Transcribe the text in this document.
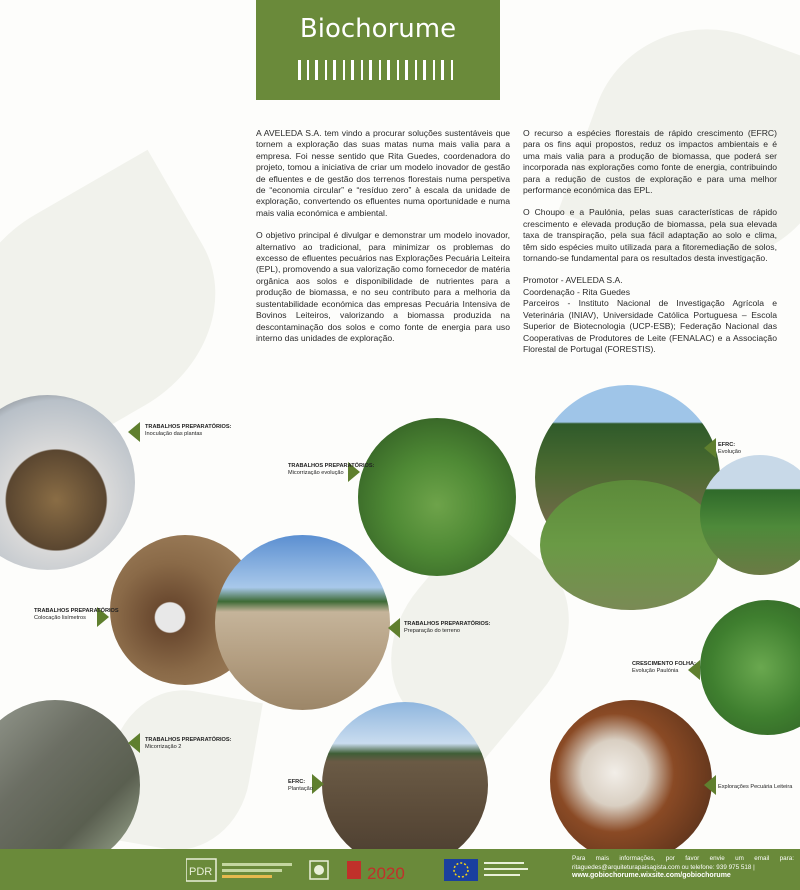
Biochorume

A AVELEDA S.A. tem vindo a procurar soluções sustentáveis que tornem a exploração das suas matas numa mais valia para a empresa. Foi nesse sentido que Rita Guedes, coordenadora do projeto, tomou a iniciativa de criar um modelo inovador de gestão de efluentes e de gestão dos terrenos florestais numa perspetiva de “economia circular” e “resíduo zero” à escala da unidade de exploração, convertendo os efluentes numa oportunidade e numa mais valia económica e ambiental.

O objetivo principal é divulgar e demonstrar um modelo inovador, alternativo ao tradicional, para minimizar os problemas do excesso de efluentes pecuários nas Explorações Pecuária Leiteira (EPL), promovendo a sua valorização como fornecedor de matéria orgânica aos solos e disponibilidade de nutrientes para a produção de biomassa, e no seu contributo para a melhoria da sustentabilidade económica das empresas Pecuária Intensiva de Bovinos Leiteiros, valorizando a biomassa produzida na descontaminação dos solos e como fonte de energia para uso interno das unidades de exploração.

O recurso a espécies florestais de rápido crescimento (EFRC) para os fins aqui propostos, reduz os impactos ambientais e é uma mais valia para a produção de biomassa, que poderá ser incorporada nas explorações como fonte de energia, contribuindo para a redução de custos de exploração e para uma melhor performance económica das EPL.

O Choupo e a Paulónia, pelas suas características de rápido crescimento e elevada produção de biomassa, pela sua elevada taxa de transpiração, pela sua fácil adaptação ao solo e clima, têm sido espécies muito utilizada para a fitoremediação de solos, tornando-se fundamental para os resultados desta investigação.

Promotor - AVELEDA S.A.
Coordenação - Rita Guedes
Parceiros - Instituto Nacional de Investigação Agrícola e Veterinária (INIAV), Universidade Católica Portuguesa – Escola Superior de Biotecnologia (UCP-ESB); Federação Nacional das Cooperativas de Produtores de Leite (FENALAC) e a Associação Florestal de Portugal (FORESTIS).
TRABALHOS PREPARATÓRIOS:
Inoculação das plantas
TRABALHOS PREPARATÓRIOS:
Micorrização evolução
EFRC:
Evolução
TRABALHOS PREPARATÓRIOS
Colocação lisímetros
TRABALHOS PREPARATÓRIOS:
Preparação do terreno
CRESCIMENTO FOLHA:
Evolução Paulónia
TRABALHOS PREPARATÓRIOS:
Micorrização 2
EFRC:
Plantação	Explorações Pecuária Leiteira
PDR	2020
Para mais informações, por favor envie um email para: ritaguedes@arquiteturapaisagista.com ou telefone: 939 975 518 |
www.gobiochorume.wixsite.com/gobiochorume
